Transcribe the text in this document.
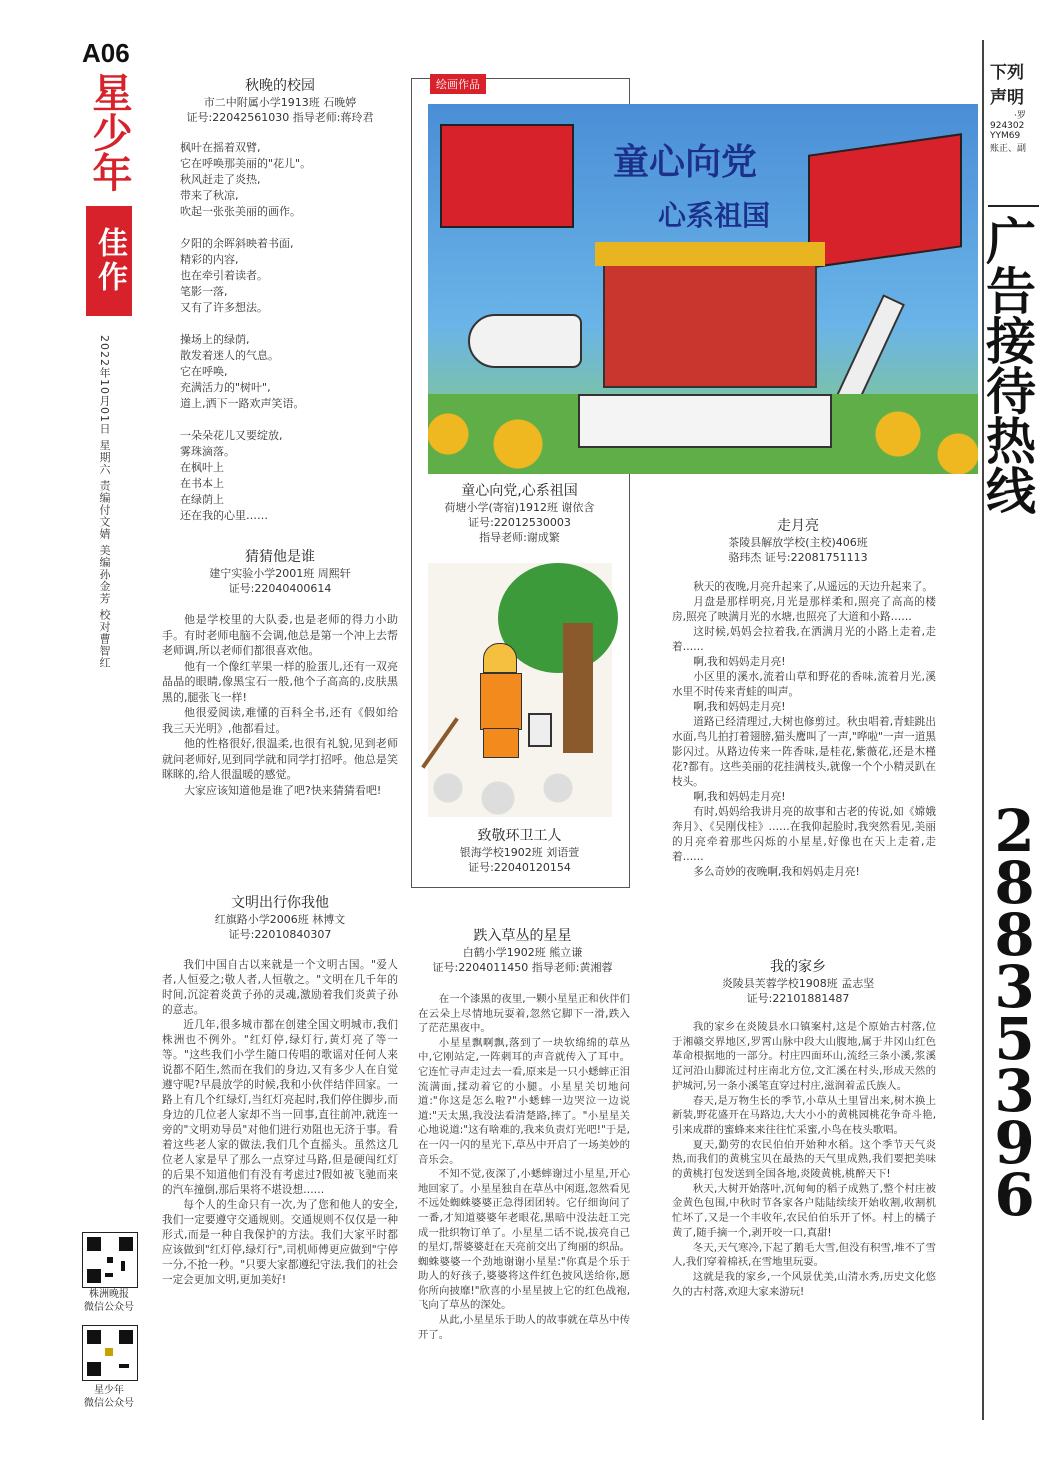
A06
星少年
佳作
2022年10月01日 星期六 责编付文婧 美编孙金芳 校对曹智红
株洲晚报
微信公众号
星少年
微信公众号
秋晚的校园
市二中附属小学1913班 石晚婷
证号:22042561030 指导老师:蒋玲君
枫叶在摇着双臂,
它在呼唤那美丽的"花儿"。
秋风赶走了炎热,
带来了秋凉,
吹起一张张美丽的画作。
夕阳的余晖斜映着书面,
精彩的内容,
也在牵引着读者。
笔影一落,
又有了许多想法。
操场上的绿荫,
散发着迷人的气息。
它在呼唤,
充满活力的"树叶",
道上,洒下一路欢声笑语。
一朵朵花儿又要绽放,
雾珠滴落。
在枫叶上
在书本上
在绿荫上
还在我的心里……
猜猜他是谁
建宁实验小学2001班 周熙轩
证号:22040400614

他是学校里的大队委,也是老师的得力小助手。有时老师电脑不会调,他总是第一个冲上去帮老师调,所以老师们都很喜欢他。

他有一个像红苹果一样的脸蛋儿,还有一双亮晶晶的眼睛,像黑宝石一般,他个子高高的,皮肤黑黑的,腿张飞一样!

他很爱阅读,难懂的百科全书,还有《假如给我三天光明》,他都看过。

他的性格很好,很温柔,也很有礼貌,见到老师就问老师好,见到同学就和同学打招呼。他总是笑眯眯的,给人很温暖的感觉。

大家应该知道他是谁了吧?快来猜猜看吧!

文明出行你我他
红旗路小学2006班 林博文
证号:22010840307

我们中国自古以来就是一个文明古国。"爱人者,人恒爱之;敬人者,人恒敬之。"文明在几千年的时间,沉淀着炎黄子孙的灵魂,激励着我们炎黄子孙的意志。

近几年,很多城市都在创建全国文明城市,我们株洲也不例外。"红灯停,绿灯行,黄灯亮了等一等。"这些我们小学生随口传唱的歌谣对任何人来说都不陌生,然而在我们的身边,又有多少人在自觉遵守呢?早晨放学的时候,我和小伙伴结伴回家。一路上有几个红绿灯,当红灯亮起时,我们停住脚步,而身边的几位老人家却不当一回事,直往前冲,就连一旁的"文明劝导员"对他们进行劝阻也无济于事。看着这些老人家的做法,我们几个直摇头。虽然这几位老人家是早了那么一点穿过马路,但是硬闯红灯的后果不知道他们有没有考虑过?假如被飞驰而来的汽车撞倒,那后果将不堪设想……

每个人的生命只有一次,为了您和他人的安全,我们一定要遵守交通规则。交通规则不仅仅是一种形式,而是一种自我保护的方法。我们大家平时都应该做到"红灯停,绿灯行",司机师傅更应做到"宁停一分,不抢一秒。"只要大家都遵纪守法,我们的社会一定会更加文明,更加美好!

绘画作品
童心向党
心系祖国
童心向党,心系祖国
荷塘小学(寄宿)1912班 谢依含
证号:22012530003
指导老师:谢成繁
致敬环卫工人
银海学校1902班 刘语萱
证号:22040120154
跌入草丛的星星
白鹤小学1902班 熊立谦
证号:2204011450 指导老师:黄湘蓉

在一个漆黑的夜里,一颗小星星正和伙伴们在云朵上尽情地玩耍着,忽然它脚下一滑,跌入了茫茫黑夜中。

小星星飘啊飘,落到了一块软绵绵的草丛中,它刚站定,一阵刺耳的声音就传入了耳中。它连忙寻声走过去一看,原来是一只小蟋蟀正泪流满面,揉动着它的小腿。小星星关切地问道:"你这是怎么啦?"小蟋蟀一边哭泣一边说道:"天太黑,我没法看清楚路,摔了。"小星星关心地说道:"这有啥难的,我来负责灯光吧!"于是,在一闪一闪的星光下,草丛中开启了一场美妙的音乐会。

不知不觉,夜深了,小蟋蟀谢过小星星,开心地回家了。小星星独自在草丛中闲逛,忽然看见不远处蜘蛛婆婆正急得团团转。它仔细询问了一番,才知道婆婆年老眼花,黑暗中没法赶工完成一批织物订单了。小星星二话不说,拔亮自己的星灯,帮婆婆赶在天亮前交出了绚丽的织品。蜘蛛婆婆一个劲地谢谢小星星:"你真是个乐于助人的好孩子,婆婆将这件红色披风送给你,愿你所向披靡!"欣喜的小星星披上它的红色战袍,飞向了草丛的深处。

从此,小星星乐于助人的故事就在草丛中传开了。

走月亮
茶陵县解放学校(主校)406班
骆玮杰 证号:22081751113

秋天的夜晚,月亮升起来了,从遥远的天边升起来了。

月盘是那样明亮,月光是那样柔和,照亮了高高的楼房,照亮了映满月光的水塘,也照亮了大道和小路……

这时候,妈妈会拉着我,在洒满月光的小路上走着,走着……

啊,我和妈妈走月亮!

小区里的溪水,流着山草和野花的香味,流着月光,溪水里不时传来青蛙的叫声。

啊,我和妈妈走月亮!

道路已经清理过,大树也修剪过。秋虫唱着,青蛙跳出水面,鸟儿拍打着翅膀,猫头鹰叫了一声,"哗啦"一声一道黑影闪过。从路边传来一阵香味,是桂花,紫薇花,还是木槿花?都有。这些美丽的花挂满枝头,就像一个个小精灵趴在枝头。

啊,我和妈妈走月亮!

有时,妈妈给我讲月亮的故事和古老的传说,如《嫦娥奔月》、《吴刚伐桂》……在我仰起脸时,我突然看见,美丽的月亮牵着那些闪烁的小星星,好像也在天上走着,走着……

多么奇妙的夜晚啊,我和妈妈走月亮!

我的家乡
炎陵县芙蓉学校1908班 孟志坚
证号:22101881487

我的家乡在炎陵县水口镇案村,这是个原始古村落,位于湘赣交界地区,罗霄山脉中段大山腹地,属于井冈山红色革命根据地的一部分。村庄四面环山,流经三条小溪,浆溪辽河沿山脚流过村庄南北方位,文汇溪在村头,形成天然的护城河,另一条小溪笔直穿过村庄,滋润着孟氏族人。

春天,是万物生长的季节,小草从土里冒出来,树木换上新装,野花盛开在马路边,大大小小的黄桃园桃花争奇斗艳,引来成群的蜜蜂来来往往忙采蜜,小鸟在枝头歌唱。

夏天,勤劳的农民伯伯开始种水稻。这个季节天气炎热,而我们的黄桃宝贝在最热的天气里成熟,我们要把美味的黄桃打包发送到全国各地,炎陵黄桃,桃醉天下!

秋天,大树开始落叶,沉甸甸的稻子成熟了,整个村庄被金黄色包围,中秋时节各家各户陆陆续续开始收割,收割机忙坏了,又是一个丰收年,农民伯伯乐开了怀。村上的橘子黄了,随手摘一个,剥开咬一口,真甜!

冬天,天气寒冷,下起了鹅毛大雪,但没有积雪,堆不了雪人,我们穿着棉袄,在雪地里玩耍。

这就是我的家乡,一个风景优美,山清水秀,历史文化悠久的古村落,欢迎大家来游玩!

下列
声明
·罗
924302
YYM69
账正、副
广告接待热线
2
8
8
3
5
3
9
6
